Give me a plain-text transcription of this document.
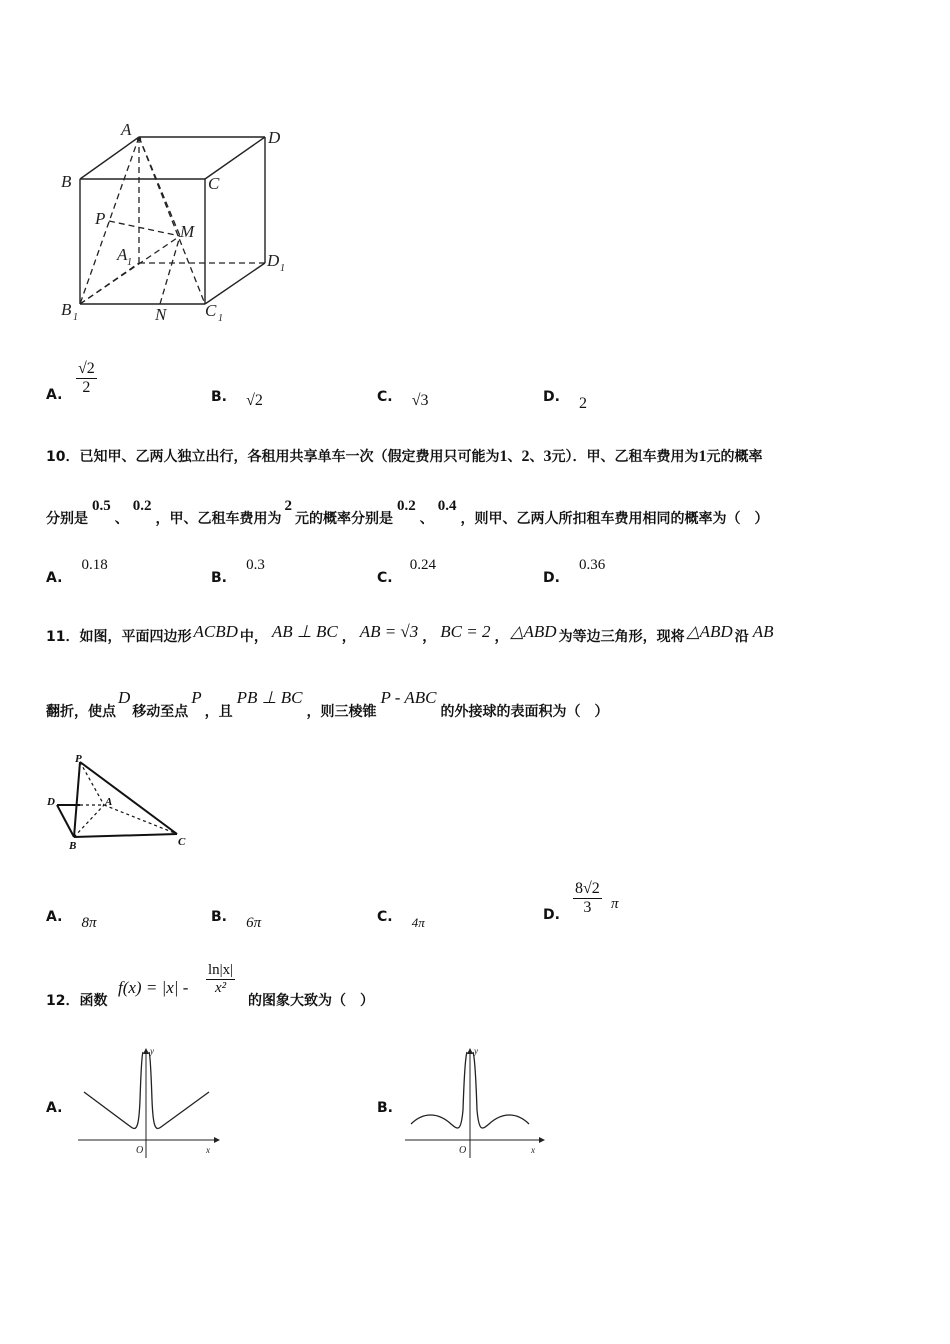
A	D
B	C
P
M
A 1	D 1
B 1	N C 1
A. $\frac{√2}{2}$	B. √2	C. √3	D. 2
10．已知甲、乙两人独立出行，各租用共享单车一次（假定费用只可能为1、2、3元）．甲、乙租车费用为1元的概率
分别是0.5、0.2，甲、乙租车费用为2元的概率分别是0.2、0.4，则甲、乙两人所扣租车费用相同的概率为（　）
A. 0.18
B. 0.3
C. 0.24
D. 0.36
11．如图，平面四边形 ACBD 中， AB ⊥ BC ， AB = √3 ， BC = 2 ， △ABD 为等边三角形，现将 △ABD 沿 AB
翻折，使点D移动至点P，且PB ⊥ BC，则三棱锥P - ABC的外接球的表面积为（　）
P
D	A
B	C
A. 8π	B. 6π	C. $_{4\pi}$	D. $\frac{8√2}{3}$ π
12．函数
$f(x) = |x| - \frac{\ln|x|}{\text{x²}}$
的图象大致为（　）
A.
y
x
O
B.
y
x
O
